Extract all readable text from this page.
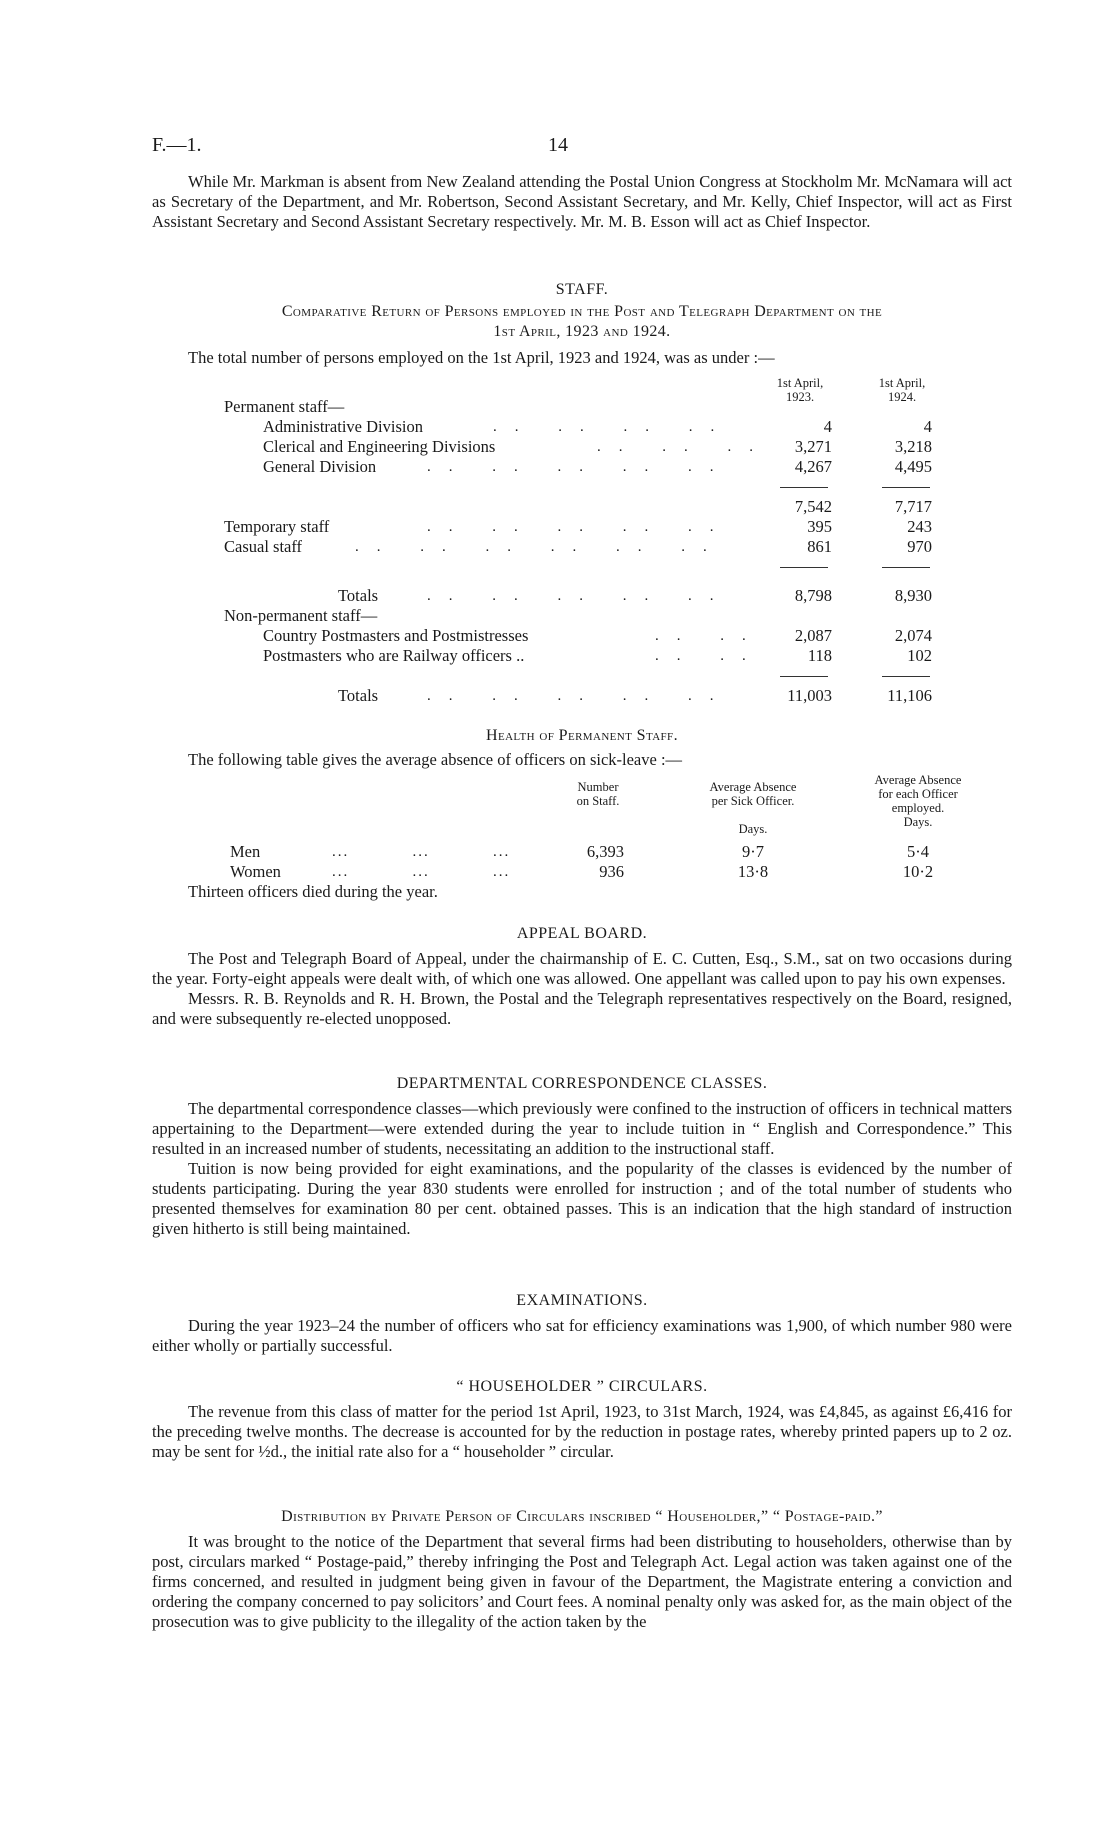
F.—1.	14

While Mr. Markman is absent from New Zealand attending the Postal Union Congress at Stockholm Mr. McNamara will act as Secretary of the Department, and Mr. Robertson, Second Assistant Secretary, and Mr. Kelly, Chief Inspector, will act as First Assistant Secretary and Second Assistant Secretary respectively. Mr. M. B. Esson will act as Chief Inspector.

STAFF.
Comparative Return of Persons employed in the Post and Telegraph Department on the
1st April, 1923 and 1924.
The total number of persons employed on the 1st April, 1923 and 1924, was as under :—
1st April,
1923.
1st April,
1924.
Permanent staff—
Administrative Division	.. .. .. ..	4	4
Clerical and Engineering Divisions	.. .. ..	3,271	3,218
General Division	.. .. .. .. ..	4,267	4,495
7,542	7,717
Temporary staff	.. .. .. .. ..	395	243
Casual staff	.. .. .. .. .. ..	861	970
Totals	.. .. .. .. ..	8,798	8,930
Non-permanent staff—
Country Postmasters and Postmistresses	.. ..	2,087	2,074
Postmasters who are Railway officers ..	.. ..	118	102
Totals	.. .. .. .. ..	11,003	11,106
Health of Permanent Staff.
The following table gives the average absence of officers on sick-leave :—
Number
on Staff.
Average Absence
per Sick Officer.
Average Absence
for each Officer
employed.
Days.
Days.
Men	...           ...           ...	6,393	9·7	5·4
Women	...           ...           ...	936	13·8	10·2
Thirteen officers died during the year.
APPEAL BOARD.

The Post and Telegraph Board of Appeal, under the chairmanship of E. C. Cutten, Esq., S.M., sat on two occasions during the year. Forty-eight appeals were dealt with, of which one was allowed. One appellant was called upon to pay his own expenses.

Messrs. R. B. Reynolds and R. H. Brown, the Postal and the Telegraph representatives respectively on the Board, resigned, and were subsequently re-elected unopposed.

DEPARTMENTAL CORRESPONDENCE CLASSES.

The departmental correspondence classes—which previously were confined to the instruction of officers in technical matters appertaining to the Department—were extended during the year to include tuition in “ English and Correspondence.” This resulted in an increased number of students, necessitating an addition to the instructional staff.

Tuition is now being provided for eight examinations, and the popularity of the classes is evidenced by the number of students participating. During the year 830 students were enrolled for instruction ; and of the total number of students who presented themselves for examination 80 per cent. obtained passes. This is an indication that the high standard of instruction given hitherto is still being maintained.

EXAMINATIONS.

During the year 1923–24 the number of officers who sat for efficiency examinations was 1,900, of which number 980 were either wholly or partially successful.

“ HOUSEHOLDER ” CIRCULARS.

The revenue from this class of matter for the period 1st April, 1923, to 31st March, 1924, was £4,845, as against £6,416 for the preceding twelve months. The decrease is accounted for by the reduction in postage rates, whereby printed papers up to 2 oz. may be sent for ½d., the initial rate also for a “ householder ” circular.

Distribution by Private Person of Circulars inscribed “ Householder,” “ Postage-paid.”

It was brought to the notice of the Department that several firms had been distributing to householders, otherwise than by post, circulars marked “ Postage-paid,” thereby infringing the Post and Telegraph Act. Legal action was taken against one of the firms concerned, and resulted in judgment being given in favour of the Department, the Magistrate entering a conviction and ordering the company concerned to pay solicitors’ and Court fees. A nominal penalty only was asked for, as the main object of the prosecution was to give publicity to the illegality of the action taken by the
